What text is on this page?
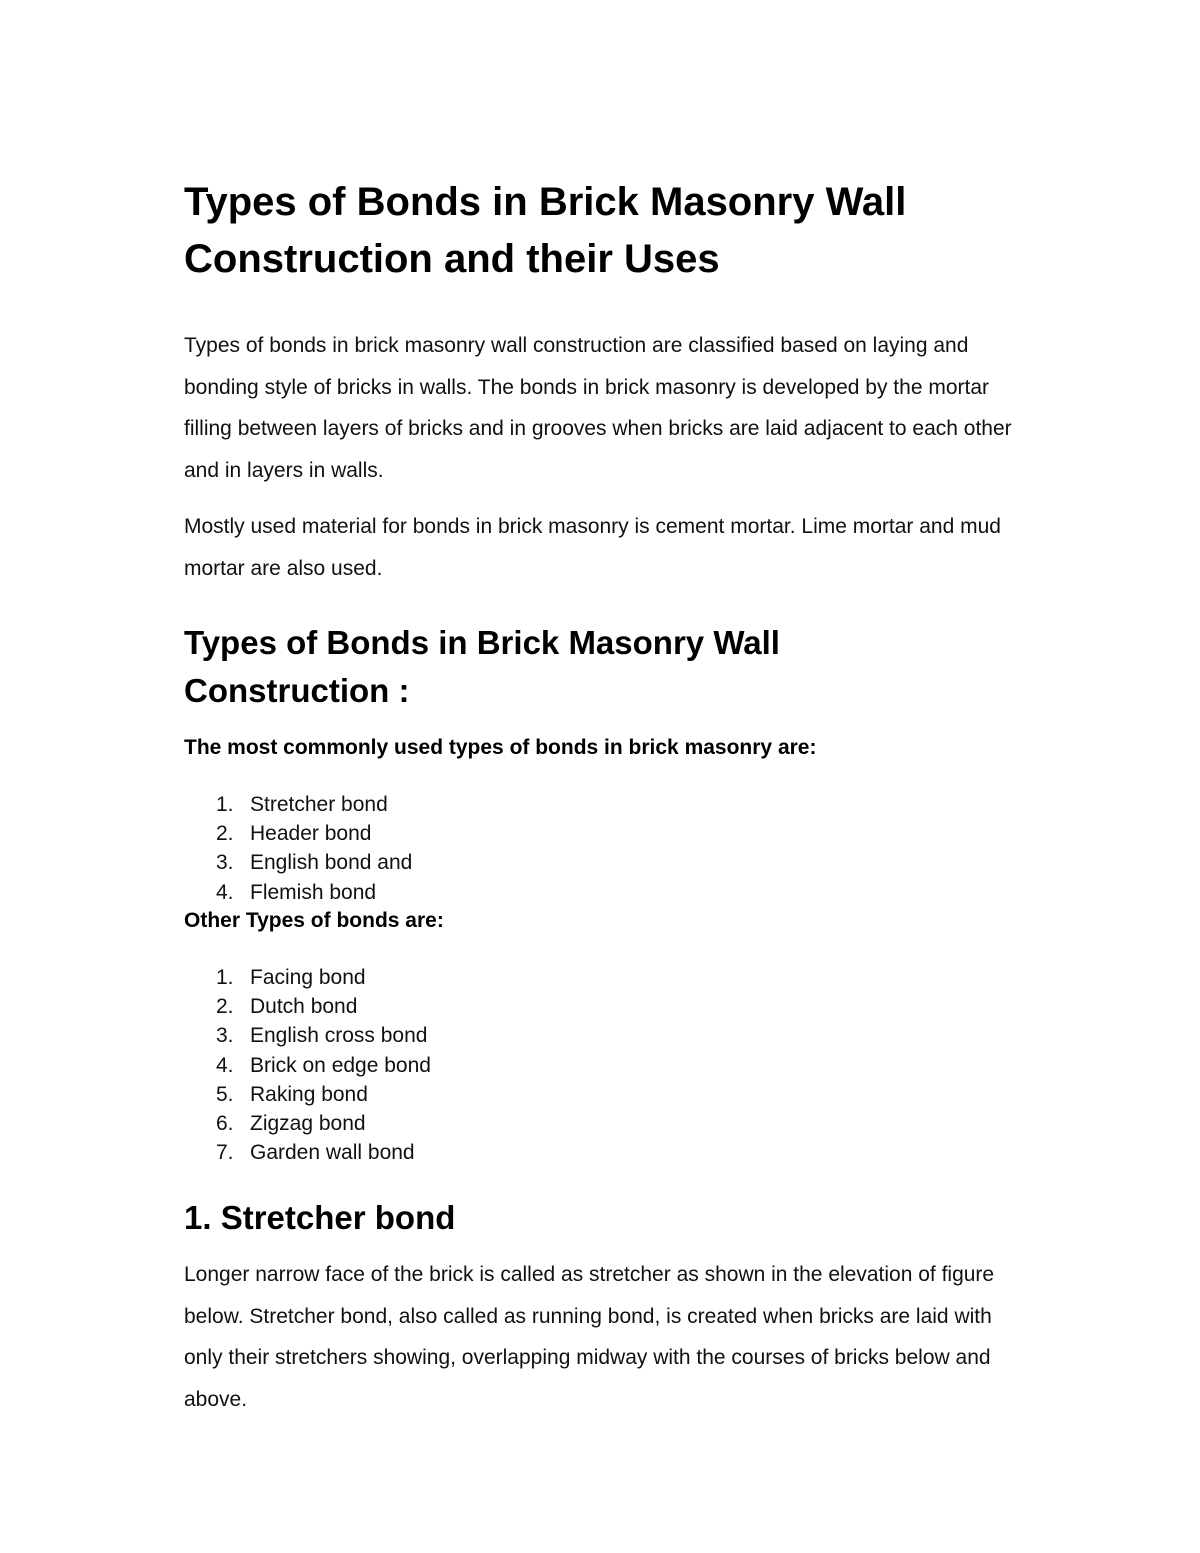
Types of Bonds in Brick Masonry Wall Construction and their Uses

Types of bonds in brick masonry wall construction are classified based on laying and bonding style of bricks in walls. The bonds in brick masonry is developed by the mortar filling between layers of bricks and in grooves when bricks are laid adjacent to each other and in layers in walls.

Mostly used material for bonds in brick masonry is cement mortar. Lime mortar and mud mortar are also used.

Types of Bonds in Brick Masonry Wall Construction :

The most commonly used types of bonds in brick masonry are:

1. Stretcher bond
2. Header bond
3. English bond and
4. Flemish bond

Other Types of bonds are:

1. Facing bond
2. Dutch bond
3. English cross bond
4. Brick on edge bond
5. Raking bond
6. Zigzag bond
7. Garden wall bond
1. Stretcher bond

Longer narrow face of the brick is called as stretcher as shown in the elevation of figure below. Stretcher bond, also called as running bond, is created when bricks are laid with only their stretchers showing, overlapping midway with the courses of bricks below and above.
